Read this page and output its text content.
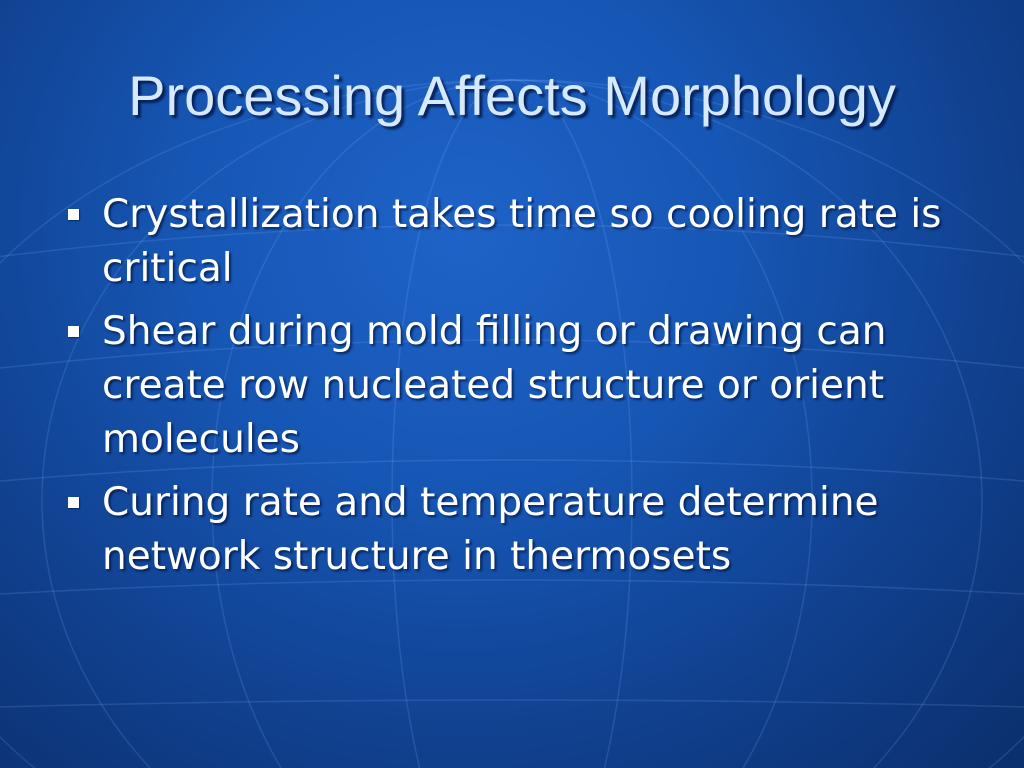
Processing Affects Morphology
Crystallization takes time so cooling rate is critical
Shear during mold filling or drawing can create row nucleated structure or orient molecules
Curing rate and temperature determine network structure in thermosets
